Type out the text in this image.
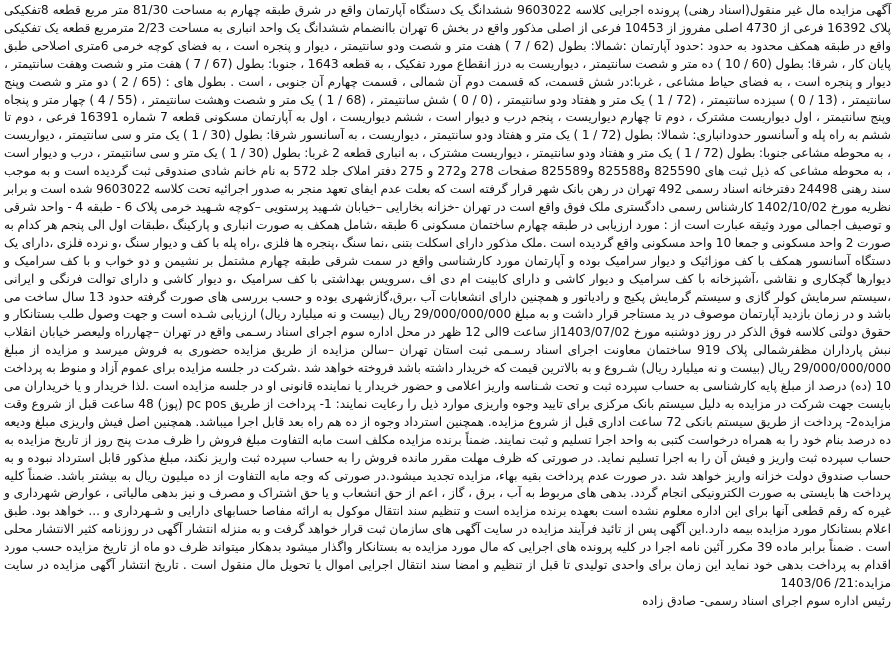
آگهی مزایده مال غیر منقول(اسناد رهنی) پرونده اجرایی کلاسه 9603022 ششدانگ یک دستگاه آپارتمان واقع در شرق طبقه چهارم به مساحت 81/30 متر مربع قطعه 8تفکیکی پلاک 16392 فرعی از 4730 اصلی مفروز از 10453 فرعی از اصلی مذکور واقع در بخش 6 تهران باانضمام ششدانگ یک واحد انباری به مساحت 2/23 مترمربع قطعه یک تفکیکی واقع در طبقه همکف محدود به حدود :حدود آپارتمان :شمالا: بطول (62 / 7 ) هفت متر و شصت ودو سانتیمتر ، دیوار و پنجره است ، به فضای کوچه خرمی 6متری اصلاحی طبق پایان کار ، شرقا: بطول (60 / 10 ) ده متر و شصت سانتیمتر ، دیواریست به درز انقطاع مورد تفکیک ، به قطعه 1643 ، جنوبا: بطول (67 / 7 ) هفت متر و شصت وهفت سانتیمتر ، دیوار و پنجره است ، به فضای حیاط مشاعی ، غربا:در شش قسمت، که قسمت دوم آن شمالی ، قسمت چهارم آن جنوبی ، است . بطول های : (65 / 2 ) دو متر و شصت وپنج سانتیمتر ، (13 / 0 ) سیزده سانتیمتر ، (72 / 1 ) یک متر و هفتاد ودو سانتیمتر ، (0 / 0 ) شش سانتیمتر ، (68 / 1 ) یک متر و شصت وهشت سانتیمتر ، (55 / 4 ) چهار متر و پنجاه وپنج سانتیمتر ، اول دیواریست مشترک ، دوم تا چهارم دیواریست ، پنجم درب و دیوار است ، ششم دیواریست ، اول به آپارتمان مسکونی قطعه 7 شماره 16391 فرعی ، دوم تا ششم به راه پله و آسانسور حدودانباری: شمالا: بطول (72 / 1 ) یک متر و هفتاد ودو سانتیمتر ، دیواریست ، به آسانسور شرقا: بطول (30 / 1 ) یک متر و سی سانتیمتر ، دیواریست ، به محوطه مشاعی جنوبا: بطول (72 / 1 ) یک متر و هفتاد ودو سانتیمتر ، دیواریست مشترک ، به انباری قطعه 2 غربا: بطول (30 / 1 ) یک متر و سی سانتیمتر ، درب و دیوار است ، به محوطه مشاعی که ذیل ثبت های 825590 و825588 و825589 صفحات 278 و272 و 275 دفتر املاک جلد 572 به نام خانم شادی صندوقی ثبت گردیده است و به موجب سند رهنی 24498 دفترخانه اسناد رسمی 492 تهران در رهن بانک شهر قرار گرفته است که بعلت عدم ایفای تعهد منجر به صدور اجرائیه تحت کلاسه 9603022 شده است و برابر نظریه مورخ 1402/10/02 کارشناس رسمی دادگستری ملک فوق واقع است در تهران -خزانه بخارایی –خیابان شـهید پرستویی –کوچه شـهید خرمی پلاک 6 - طبقه 4 - واحد شرقی و توصیف اجمالی مورد وثیقه عبارت است از : مورد ارزیابی در طبقه چهارم ساختمان مسکونی 6 طبقه ،شامل همکف به صورت انباری و پارکینگ ،طبقات اول الی پنجم هر کدام به صورت 2 واحد مسکونی و جمعا 10 واحد مسکونی واقع گردیده است .ملک مذکور دارای اسکلت بتنی ،نما سنگ ،پنجره ها فلزی ،راه پله با کف و دیوار سنگ ،و نرده فلزی ،دارای یک دستگاه آسانسور همکف با کف موزائیک و دیوار سرامیک بوده و آپارتمان مورد کارشناسی واقع در سمت شرقی طبقه چهارم مشتمل بر نشیمن و دو خواب و با کف سرامیک و دیوارها گچکاری و نقاشی ،آشپزخانه با کف سرامیک و دیوار کاشی و دارای کابینت ام دی اف ،سرویس بهداشتی با کف سرامیک ،و دیوار کاشی و دارای توالت فرنگی و ایرانی ،سیستم سرمایش کولر گازی و سیستم گرمایش پکیج و رادیاتور و همچنین دارای انشعابات آب ،برق،گازشهری بوده و حسب بررسی های صورت گرفته حدود 13 سال ساخت می باشد و در زمان بازدید آپارتمان موصوف در ید مستاجر قرار داشت و به مبلغ 29/000/000/000 ریال (بیست و نه میلیارد ریال) ارزیابی شـده است و جهت وصول طلب بستانکار و حقوق دولتی کلاسه فوق الذکر در روز دوشنبه مورخ 1403/07/02از ساعت 9الی 12 ظهر در محل اداره سوم اجرای اسناد رسـمی واقع در تهران –چهارراه ولیعصر خیابان انقلاب نبش پارداران مظفرشمالی پلاک 919 ساختمان معاونت اجرای اسناد رسـمی ثبت استان تهران –سالن مزایده از طریق مزایده حضوری به فروش میرسد و مزایده از مبلغ 29/000/000/000 ریال (بیست و نه میلیارد ریال) شـروع و به بالاترین قیمت که خریدار داشته باشد فروخته خواهد شد .شرکت در جلسه مزایده برای عموم آزاد و منوط به پرداخت 10 (ده) درصد از مبلغ پایه کارشناسی به حساب سپرده ثبت و تحت شـناسه واریز اعلامی و حضور خریدار یا نماینده قانونی او در جلسه مزایده است .لذا خریدار و یا خریداران می بایست جهت شرکت در مزایده به دلیل سیستم بانک مرکزی برای تایید وجوه واریزی موارد ذیل را رعایت نمایند: 1- پرداخت از طریق pc pos (پوز) 48 ساعت قبل از شروع وقت مزایده2- پرداخت از طریق سیستم بانکی 72 ساعت اداری قبل از شروع مزایده. همچنین استرداد وجوه از ده هم راه بعد قابل اجرا میباشد. همچنین اصل فیش واریزی مبلغ ودیعه ده درصد بنام خود را به همراه درخواست کتبی به واحد اجرا تسلیم و ثبت نمایند. ضمناً برنده مزایده مکلف است مابه التفاوت مبلغ فروش را ظرف مدت پنج روز از تاریخ مزایده به حساب سپرده ثبت واریز و فیش آن را به اجرا تسلیم نماید. در صورتی که ظرف مهلت مقرر مانده فروش را به حساب سپرده ثبت واریز نکند، مبلغ مذکور قابل استرداد نبوده و به حساب صندوق دولت خزانه واریز خواهد شد .در صورت عدم پرداخت بقیه بهاء، مزایده تجدید میشود.در صورتی که وجه مابه التفاوت از ده میلیون ریال به بیشتر باشد. ضمناً کلیه پرداخت ها بایستی به صورت الکترونیکی انجام گردد. بدهی های مربوط به آب ، برق ، گاز ، اعم از حق انشعاب و یا حق اشتراک و مصرف و نیز بدهی مالیاتی ، عوارض شهرداری و غیره که رقم قطعی آنها برای این اداره معلوم نشده است بعهده برنده مزایده است و تنظیم سند انتقال موکول به ارائه مفاصا حسابهای دارایی و شـهرداری و ... خواهد بود. طبق اعلام بستانکار مورد مزایده بیمه دارد.این آگهی پس از تائید فرآیند مزایده در سایت آگهی های سازمان ثبت قرار خواهد گرفت و به منزله انتشار آگهی در روزنامه کثیر الانتشار محلی است . ضمناً برابر ماده 39 مکرر آئین نامه اجرا در کلیه پرونده های اجرایی که مال مورد مزایده به بستانکار واگذار میشود بدهکار میتواند ظرف دو ماه از تاریخ مزایده حسب مورد اقدام به پرداخت بدهی خود نماید این زمان برای واحدی تولیدی تا قبل از تنظیم و امضا سند انتقال اجرایی اموال یا تحویل مال منقول است . تاریخ انتشار آگهی مزایده در سایت مزایده:21/ 1403/06

رئیس اداره سوم اجرای اسناد رسمی- صادق زاده
